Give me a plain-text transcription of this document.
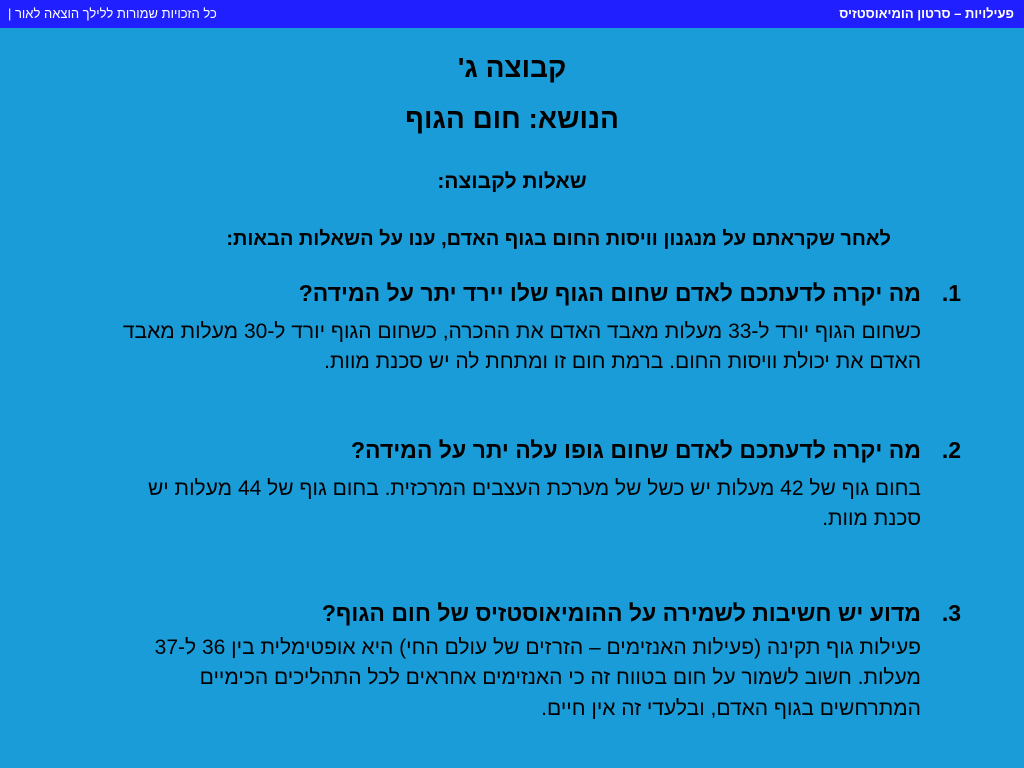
פעילויות – סרטון הומיאוסטזיס
כל הזכויות שמורות ללילך הוצאה לאור |
קבוצה ג'
הנושא: חום הגוף
שאלות לקבוצה:
לאחר שקראתם על מנגנון וויסות החום בגוף האדם, ענו על השאלות הבאות:
1.
מה יקרה לדעתכם לאדם שחום הגוף שלו יירד יתר על המידה?
כשחום הגוף יורד ל-33 מעלות מאבד האדם את ההכרה, כשחום הגוף יורד ל-30 מעלות מאבד האדם את יכולת וויסות החום. ברמת חום זו ומתחת לה יש סכנת מוות.
2.
מה יקרה לדעתכם לאדם שחום גופו עלה יתר על המידה?
בחום גוף של 42 מעלות יש כשל של מערכת העצבים המרכזית. בחום גוף של 44 מעלות יש סכנת מוות.
3.
מדוע יש חשיבות לשמירה על ההומיאוסטזיס של חום הגוף?
פעילות גוף תקינה (פעילות האנזימים – הזרזים של עולם החי) היא אופטימלית בין 36 ל-37 מעלות. חשוב לשמור על חום בטווח זה כי האנזימים אחראים לכל התהליכים הכימיים המתרחשים בגוף האדם, ובלעדי זה אין חיים.
